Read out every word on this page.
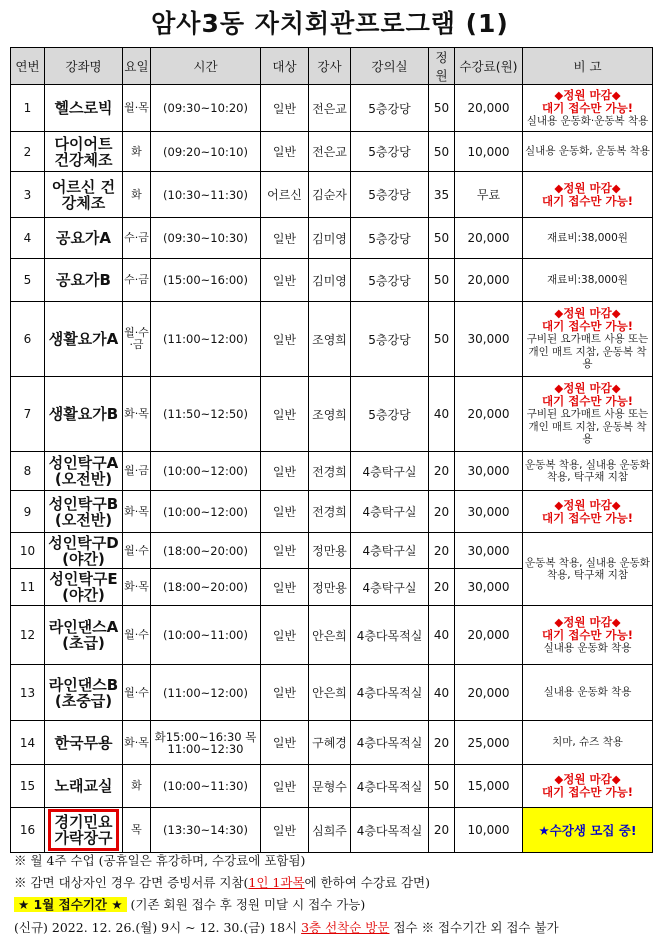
암사3동 자치회관프로그램 (1)
연번	강좌명	요일	시간	대상	강사	강의실	정원	수강료(원)	비 고
1	헬스로빅	월·목	(09:30~10:20)	일반	전은교	5층강당	50	20,000	◆정원 마감◆
대기 접수만 가능!
실내용 운동화·운동복 착용

2	다이어트 건강체조	화	(09:20~10:10)	일반	전은교	5층강당	50	10,000	실내용 운동화, 운동복 착용
3	어르신 건강체조	화	(10:30~11:30)	어르신	김순자	5층강당	35	무료	◆정원 마감◆
대기 접수만 가능!

4	공요가A	수·금	(09:30~10:30)	일반	김미영	5층강당	50	20,000	재료비:38,000원
5	공요가B	수·금	(15:00~16:00)	일반	김미영	5층강당	50	20,000	재료비:38,000원
6	생활요가A	월·수·금	(11:00~12:00)	일반	조영희	5층강당	50	30,000	◆정원 마감◆
대기 접수만 가능!
구비된 요가매트 사용 또는 개인 매트 지참, 운동복 착용

7	생활요가B	화·목	(11:50~12:50)	일반	조영희	5층강당	40	20,000	◆정원 마감◆
대기 접수만 가능!
구비된 요가매트 사용 또는 개인 매트 지참, 운동복 착용

8	성인탁구A (오전반)	월·금	(10:00~12:00)	일반	전경희	4층탁구실	20	30,000	운동복 착용, 실내용 운동화 착용, 탁구채 지참
9	성인탁구B (오전반)	화·목	(10:00~12:00)	일반	전경희	4층탁구실	20	30,000	◆정원 마감◆
대기 접수만 가능!

10	성인탁구D (야간)	월·수	(18:00~20:00)	일반	정만용	4층탁구실	20	30,000	운동복 착용, 실내용 운동화 착용, 탁구채 지참
11	성인탁구E (야간)	화·목	(18:00~20:00)	일반	정만용	4층탁구실	20	30,000	
12	라인댄스A (초급)	월·수	(10:00~11:00)	일반	안은희	4층다목적실	40	20,000	◆정원 마감◆
대기 접수만 가능!
실내용 운동화 착용

13	라인댄스B (초중급)	월·수	(11:00~12:00)	일반	안은희	4층다목적실	40	20,000	실내용 운동화 착용
14	한국무용	화·목	화15:00~16:30 목11:00~12:30	일반	구혜경	4층다목적실	20	25,000	치마, 슈즈 착용
15	노래교실	화	(10:00~11:30)	일반	문형수	4층다목적실	50	15,000	◆정원 마감◆
대기 접수만 가능!

16	경기민요 가락장구	목	(13:30~14:30)	일반	심희주	4층다목적실	20	10,000	★수강생 모집 중!
※ 월 4주 수업 (공휴일은 휴강하며, 수강료에 포함됨)
※ 감면 대상자인 경우 감면 증빙서류 지참(1인 1과목에 한하여 수강료 감면)
★ 1월 접수기간 ★ (기존 회원 접수 후 정원 미달 시 접수 가능)
(신규) 2022. 12. 26.(월) 9시 ~ 12. 30.(금) 18시 3층 선착순 방문 접수 ※ 접수기간 외 접수 불가
